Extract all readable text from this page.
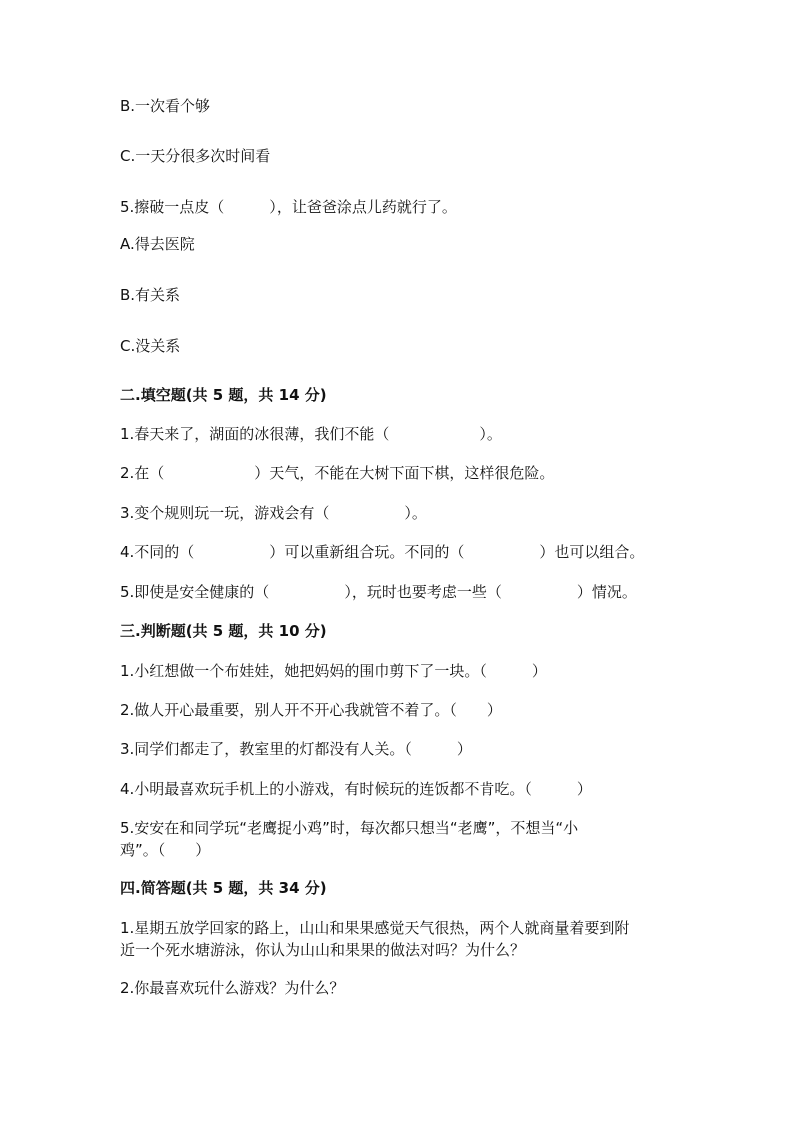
B.一次看个够
C.一天分很多次时间看
5.擦破一点皮（　　　），让爸爸涂点儿药就行了。
A.得去医院
B.有关系
C.没关系
二.填空题(共 5 题，共 14 分)
1.春天来了，湖面的冰很薄，我们不能（　　　　　　）。
2.在（　　　　　　）天气，不能在大树下面下棋，这样很危险。
3.变个规则玩一玩，游戏会有（　　　　　）。
4.不同的（　　　　　）可以重新组合玩。不同的（　　　　　）也可以组合。
5.即使是安全健康的（　　　　　），玩时也要考虑一些（　　　　　）情况。
三.判断题(共 5 题，共 10 分)
1.小红想做一个布娃娃，她把妈妈的围巾剪下了一块。（　　　）
2.做人开心最重要，别人开不开心我就管不着了。（　　）
3.同学们都走了，教室里的灯都没有人关。（　　　）
4.小明最喜欢玩手机上的小游戏，有时候玩的连饭都不肯吃。（　　　）
5.安安在和同学玩“老鹰捉小鸡”时，每次都只想当“老鹰”，不想当“小
鸡”。（　　）
四.简答题(共 5 题，共 34 分)
1.星期五放学回家的路上，山山和果果感觉天气很热，两个人就商量着要到附
近一个死水塘游泳，你认为山山和果果的做法对吗？为什么？
2.你最喜欢玩什么游戏？为什么？
